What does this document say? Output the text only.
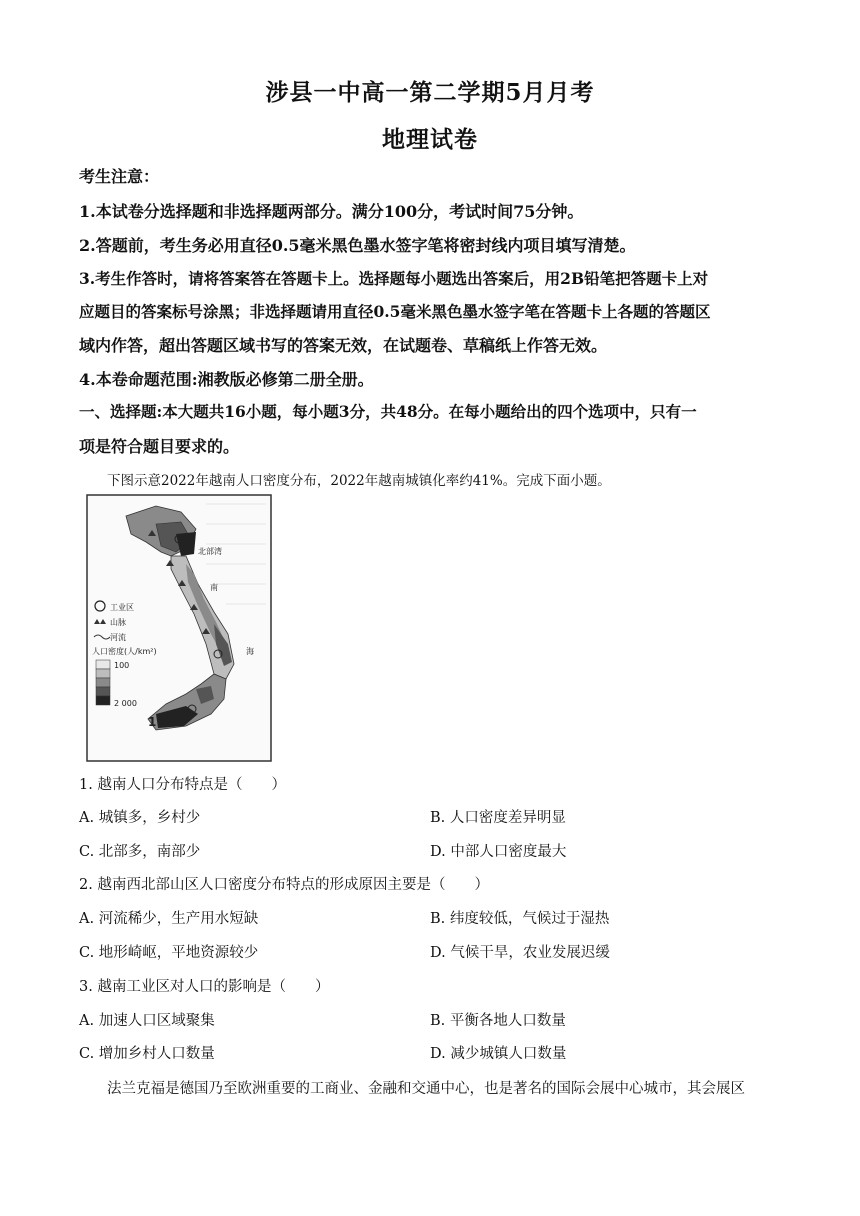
涉县一中高一第二学期5月月考
地理试卷
考生注意：
1.本试卷分选择题和非选择题两部分。满分100分，考试时间75分钟。
2.答题前，考生务必用直径0.5毫米黑色墨水签字笔将密封线内项目填写清楚。
3.考生作答时，请将答案答在答题卡上。选择题每小题选出答案后，用2B铅笔把答题卡上对
应题目的答案标号涂黑；非选择题请用直径0.5毫米黑色墨水签字笔在答题卡上各题的答题区
域内作答，超出答题区域书写的答案无效，在试题卷、草稿纸上作答无效。
4.本卷命题范围:湘教版必修第二册全册。
一、选择题:本大题共16小题，每小题3分，共48分。在每小题给出的四个选项中，只有一
项是符合题目要求的。
下图示意2022年越南人口密度分布，2022年越南城镇化率约41%。完成下面小题。
工业区
山脉
河流
人口密度(人/km²)
100
2 000
北部湾
南
海
1
1. 越南人口分布特点是（　　）
A. 城镇多，乡村少	B. 人口密度差异明显
C. 北部多，南部少	D. 中部人口密度最大
2. 越南西北部山区人口密度分布特点的形成原因主要是（　　）
A. 河流稀少，生产用水短缺	B. 纬度较低，气候过于湿热
C. 地形崎岖，平地资源较少	D. 气候干旱，农业发展迟缓
3. 越南工业区对人口的影响是（　　）
A. 加速人口区域聚集	B. 平衡各地人口数量
C. 增加乡村人口数量	D. 减少城镇人口数量
法兰克福是德国乃至欧洲重要的工商业、金融和交通中心，也是著名的国际会展中心城市，其会展区
